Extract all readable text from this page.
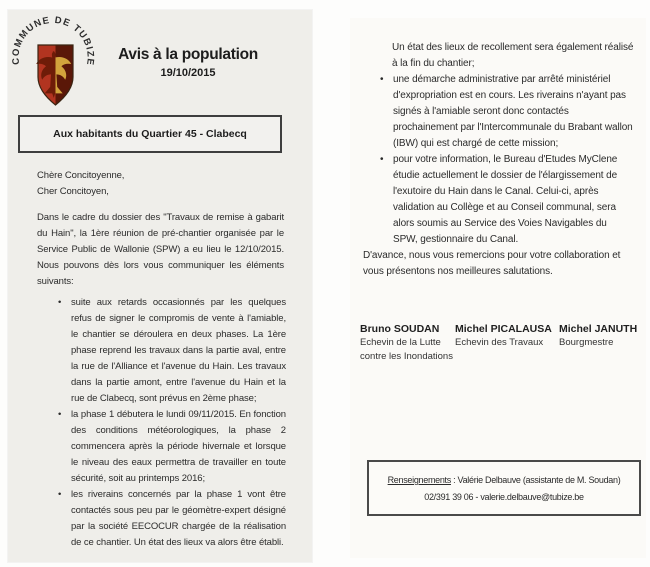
COMMUNE DE TUBIZE	Avis à la population
19/10/2015
Aux habitants du Quartier 45 - Clabecq
Chère Concitoyenne,
Cher Concitoyen,
Dans le cadre du dossier des "Travaux de remise à gabarit du Hain", la 1ère réunion de pré-chantier organisée par le Service Public de Wallonie (SPW) a eu lieu le 12/10/2015. Nous pouvons dès lors vous communiquer les éléments suivants:
• suite aux retards occasionnés par les quelques refus de signer le compromis de vente à l'amiable, le chantier se déroulera en deux phases. La 1ère phase reprend les travaux dans la partie aval, entre la rue de l'Alliance et l'avenue du Hain. Les travaux dans la partie amont, entre l'avenue du Hain et la rue de Clabecq, sont prévus en 2ème phase;
• la phase 1 débutera le lundi 09/11/2015. En fonction des conditions météorologiques, la phase 2 commencera après la période hivernale et lorsque le niveau des eaux permettra de travailler en toute sécurité, soit au printemps 2016;
• les riverains concernés par la phase 1 vont être contactés sous peu par le géomètre-expert désigné par la société EECOCUR chargée de la réalisation de ce chantier. Un état des lieux va alors être établi.
Un état des lieux de recollement sera également réalisé à la fin du chantier;
• une démarche administrative par arrêté ministériel d'expropriation est en cours. Les riverains n'ayant pas signés à l'amiable seront donc contactés prochainement par l'Intercommunale du Brabant wallon (IBW) qui est chargé de cette mission;
• pour votre information, le Bureau d'Etudes MyClene étudie actuellement le dossier de l'élargissement de l'exutoire du Hain dans le Canal. Celui-ci, après validation au Collège et au Conseil communal, sera alors soumis au Service des Voies Navigables du SPW, gestionnaire du Canal.
D'avance, nous vous remercions pour votre collaboration et vous présentons nos meilleures salutations.
Bruno SOUDAN
Echevin de la Lutte
contre les Inondations
Michel PICALAUSA
Echevin des Travaux
Michel JANUTH
Bourgmestre
Renseignements : Valérie Delbauve (assistante de M. Soudan)
02/391 39 06 - valerie.delbauve@tubize.be
